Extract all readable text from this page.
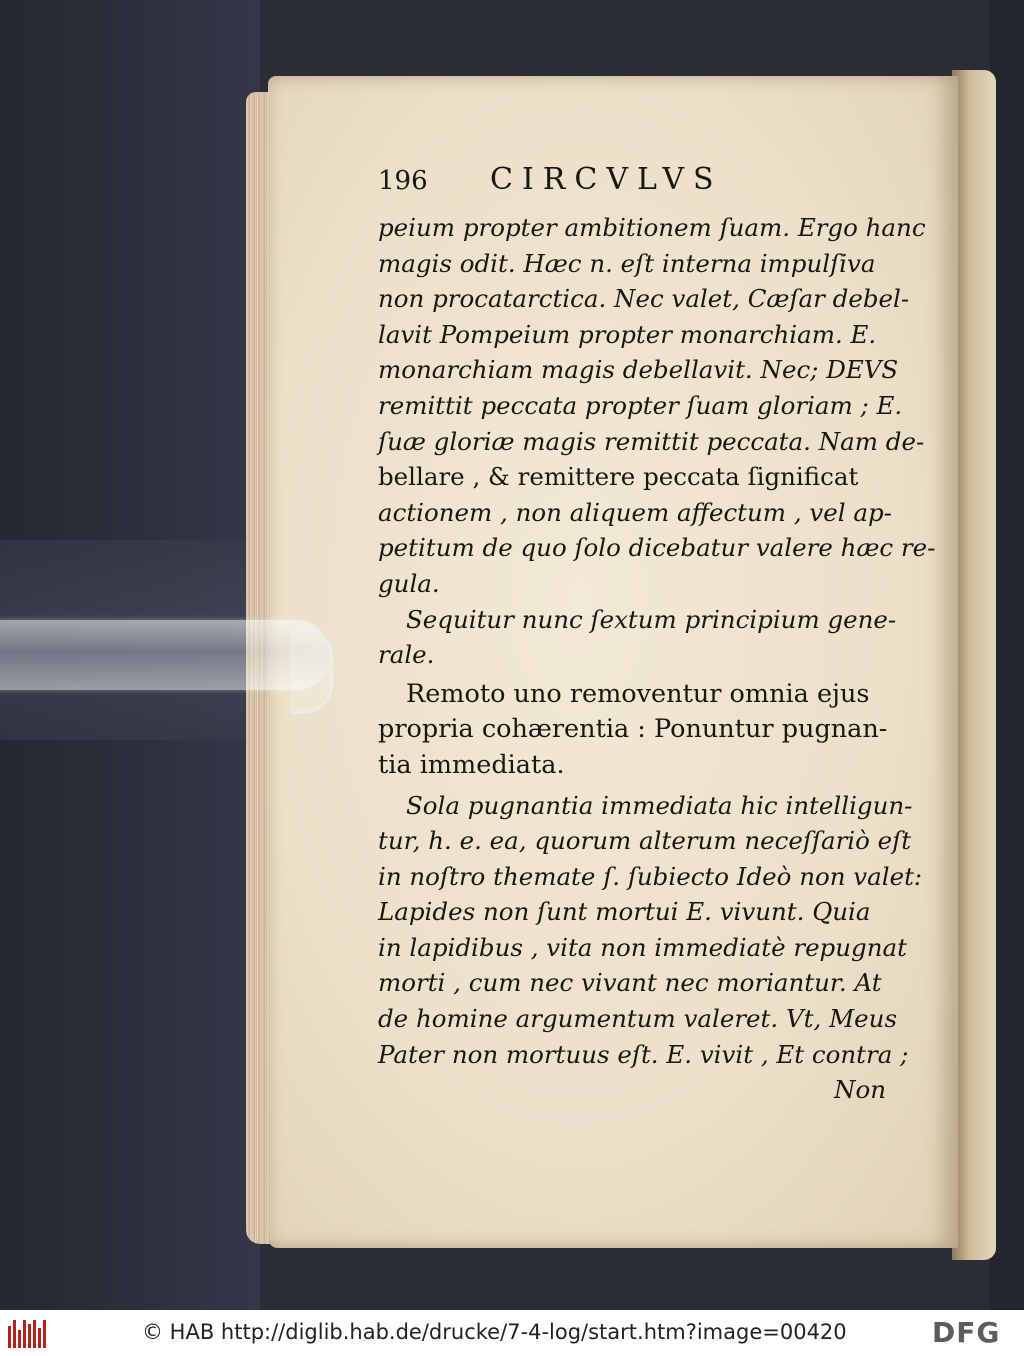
196	CIRCVLVS
peium propter ambitionem ſuam. Ergo hanc
magis odit. Hæc n. eſt interna impulſiva
non procatarctica. Nec valet, Cæſar debel-
lavit Pompeium propter monarchiam. E.
monarchiam magis debellavit. Nec; DEVS
remittit peccata propter ſuam gloriam ; E.
ſuæ gloriæ magis remittit peccata. Nam de-
bellare , & remittere peccata ſignificat
actionem , non aliquem affectum , vel ap-
petitum de quo ſolo dicebatur valere hæc re-
gula.
Sequitur nunc ſextum principium gene-
rale.
Remoto uno removentur omnia ejus
propria cohærentia : Ponuntur pugnan-
tia immediata.
Sola pugnantia immediata hic intelligun-
tur, h. e. ea, quorum alterum neceſſariò eſt
in noſtro themate ſ. ſubiecto Ideò non valet:
Lapides non ſunt mortui E. vivunt. Quia
in lapidibus , vita non immediatè repugnat
morti , cum nec vivant nec moriantur. At
de homine argumentum valeret. Vt, Meus
Pater non mortuus eſt. E. vivit , Et contra ;
Non
© HAB http://diglib.hab.de/drucke/7-4-log/start.htm?image=00420	DFG
